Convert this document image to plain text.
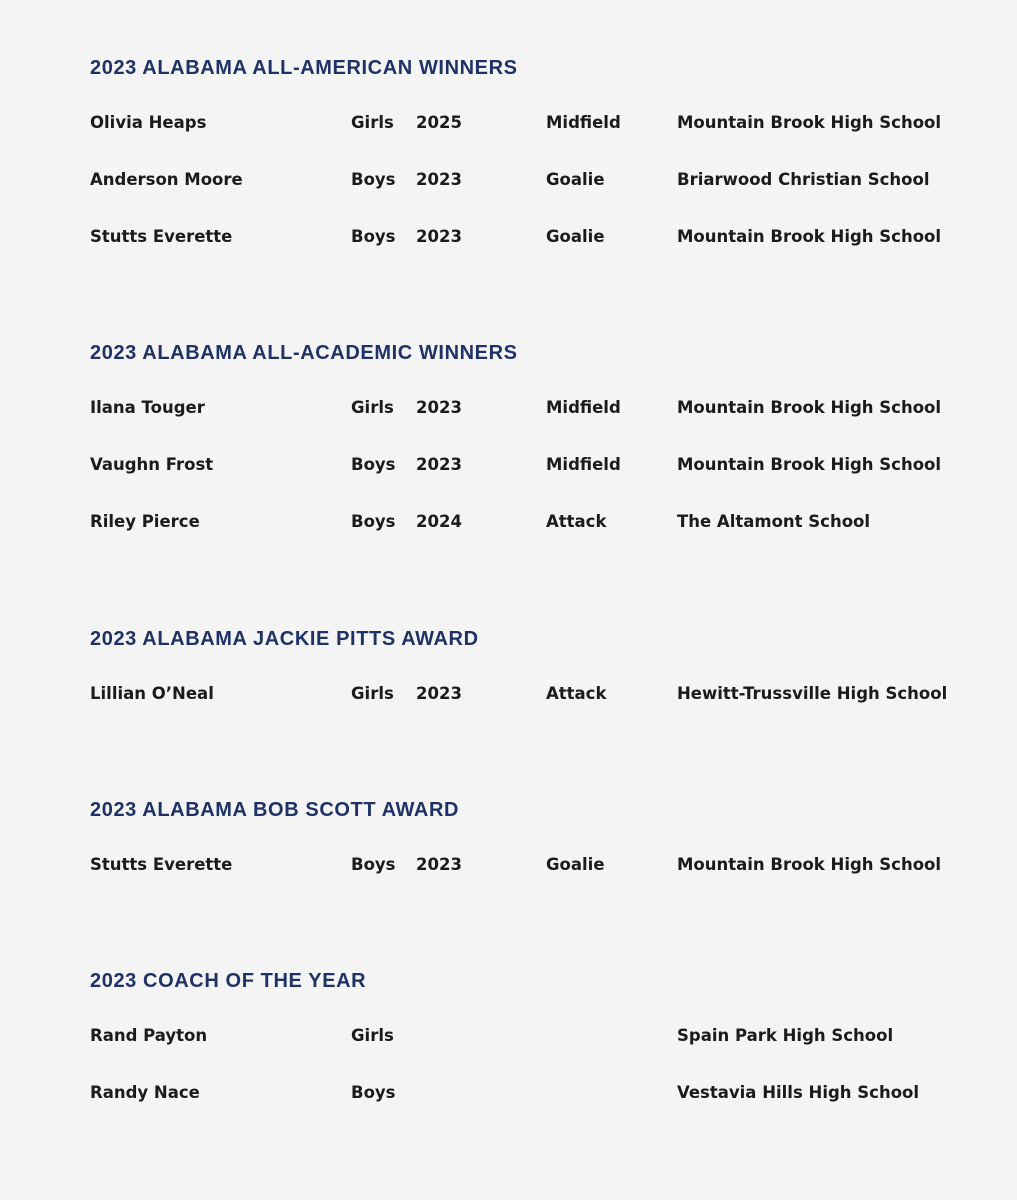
2023 ALABAMA ALL-AMERICAN WINNERS
Olivia Heaps	Girls 2025	Midfield	Mountain Brook High School
Anderson Moore	Boys 2023	Goalie	Briarwood Christian School
Stutts Everette	Boys 2023	Goalie	Mountain Brook High School
2023 ALABAMA ALL-ACADEMIC WINNERS
Ilana Touger	Girls 2023	Midfield	Mountain Brook High School
Vaughn Frost	Boys 2023	Midfield	Mountain Brook High School
Riley Pierce	Boys 2024	Attack	The Altamont School
2023 ALABAMA JACKIE PITTS AWARD
Lillian O’Neal	Girls 2023	Attack	Hewitt-Trussville High School
2023 ALABAMA BOB SCOTT AWARD
Stutts Everette	Boys 2023	Goalie	Mountain Brook High School
2023 COACH OF THE YEAR
Rand Payton	Girls	Spain Park High School
Randy Nace	Boys	Vestavia Hills High School
